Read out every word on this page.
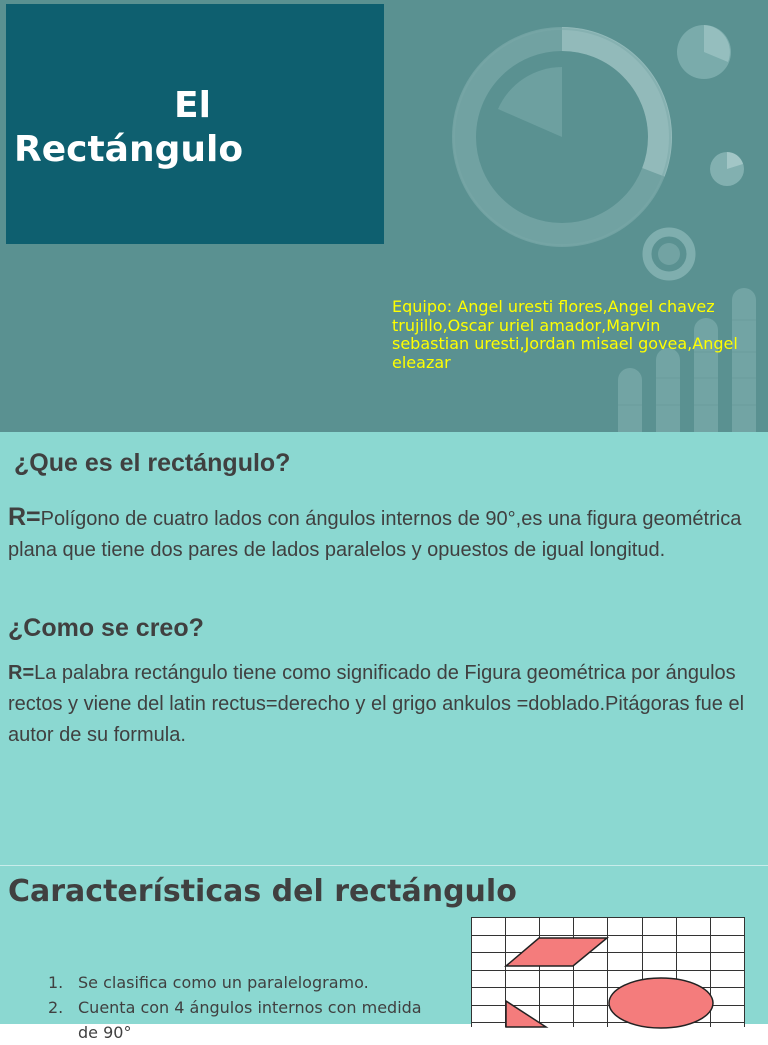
El
Rectángulo
Equipo: Angel uresti flores,Angel chavez trujillo,Oscar uriel amador,Marvin sebastian uresti,Jordan misael govea,Angel eleazar
¿Que es el rectángulo?
R=Polígono de cuatro lados con ángulos internos de 90°,es una figura geométrica plana que tiene dos pares de lados paralelos y opuestos de igual longitud.
¿Como se creo?
R=La palabra rectángulo tiene como significado de Figura geométrica por ángulos rectos y viene del latin rectus=derecho y el grigo ankulos =doblado.Pitágoras fue el autor de su formula.
Características del rectángulo
1. Se clasifica como un paralelogramo.
2. Cuenta con 4 ángulos internos con medida
de 90°
